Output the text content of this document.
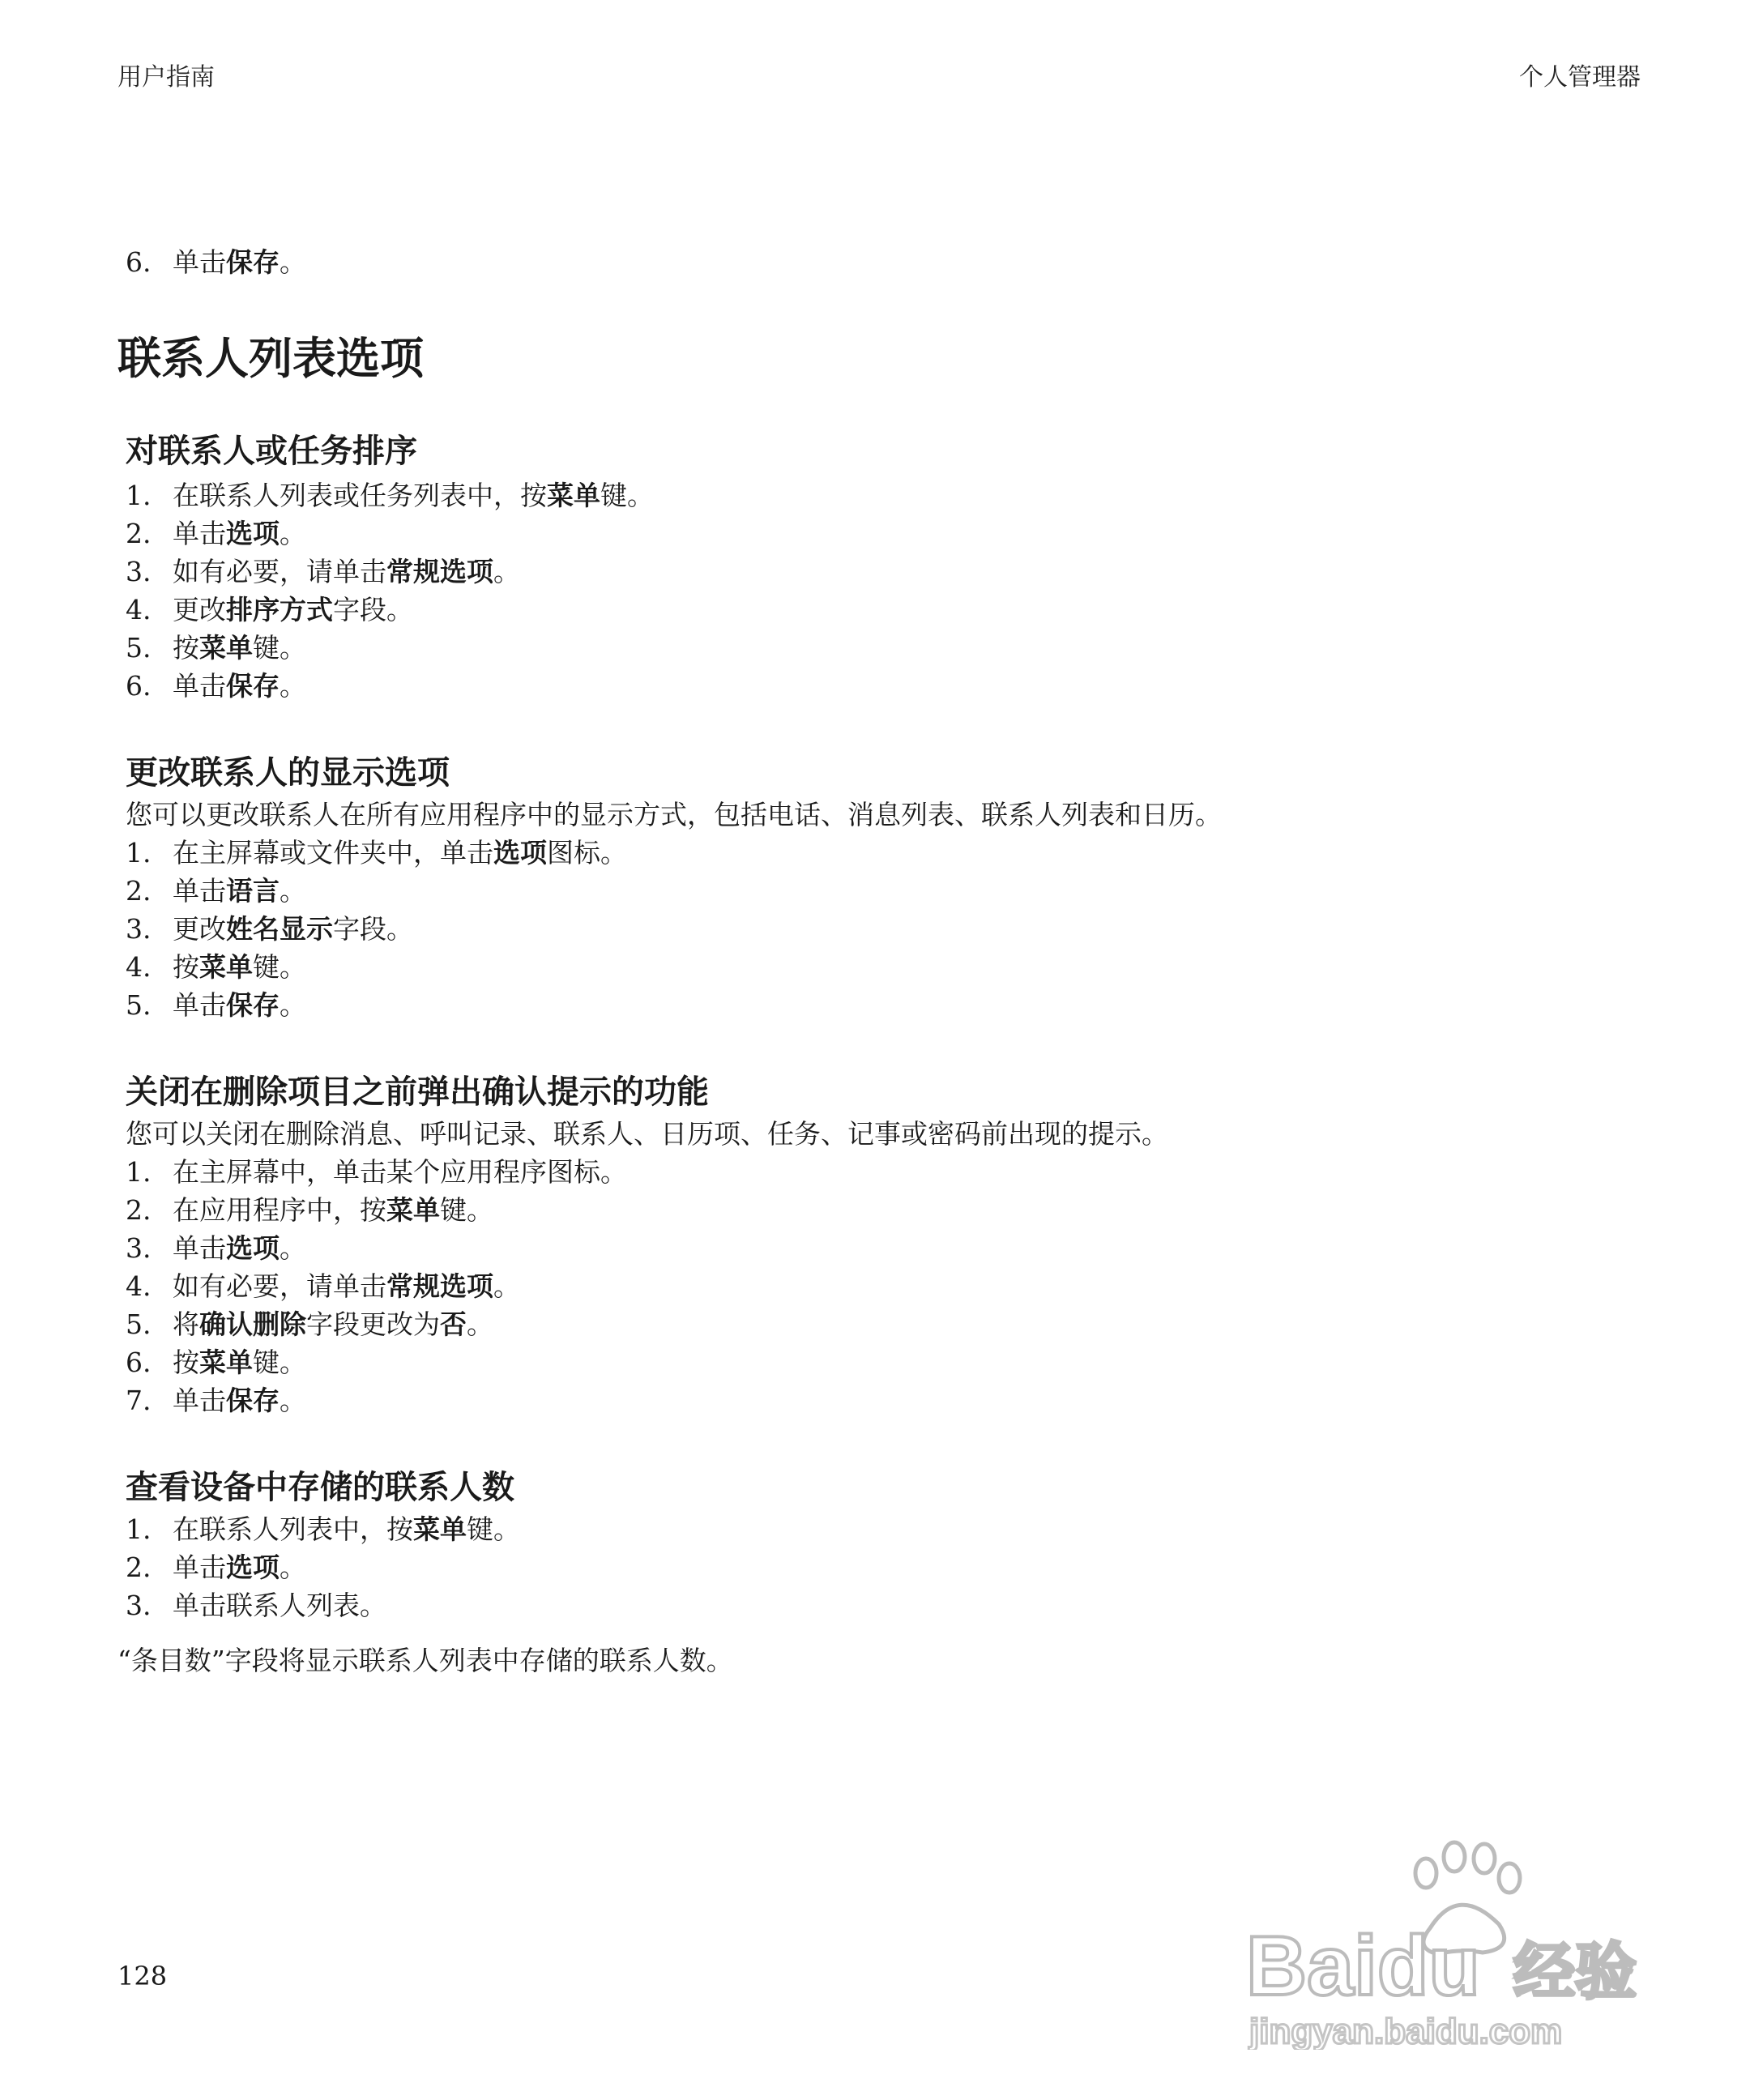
用户指南	个人管理器
6. 单击保存。
联系人列表选项
对联系人或任务排序
1. 在联系人列表或任务列表中，按菜单键。
2. 单击选项。
3. 如有必要，请单击常规选项。
4. 更改排序方式字段。
5. 按菜单键。
6. 单击保存。
更改联系人的显示选项
您可以更改联系人在所有应用程序中的显示方式，包括电话、消息列表、联系人列表和日历。
1. 在主屏幕或文件夹中，单击选项图标。
2. 单击语言。
3. 更改姓名显示字段。
4. 按菜单键。
5. 单击保存。
关闭在删除项目之前弹出确认提示的功能
您可以关闭在删除消息、呼叫记录、联系人、日历项、任务、记事或密码前出现的提示。
1. 在主屏幕中，单击某个应用程序图标。
2. 在应用程序中，按菜单键。
3. 单击选项。
4. 如有必要，请单击常规选项。
5. 将确认删除字段更改为否。
6. 按菜单键。
7. 单击保存。
查看设备中存储的联系人数
1. 在联系人列表中，按菜单键。
2. 单击选项。
3. 单击联系人列表。
“条目数”字段将显示联系人列表中存储的联系人数。
128	Baidu 经验
jingyan.baidu.com
